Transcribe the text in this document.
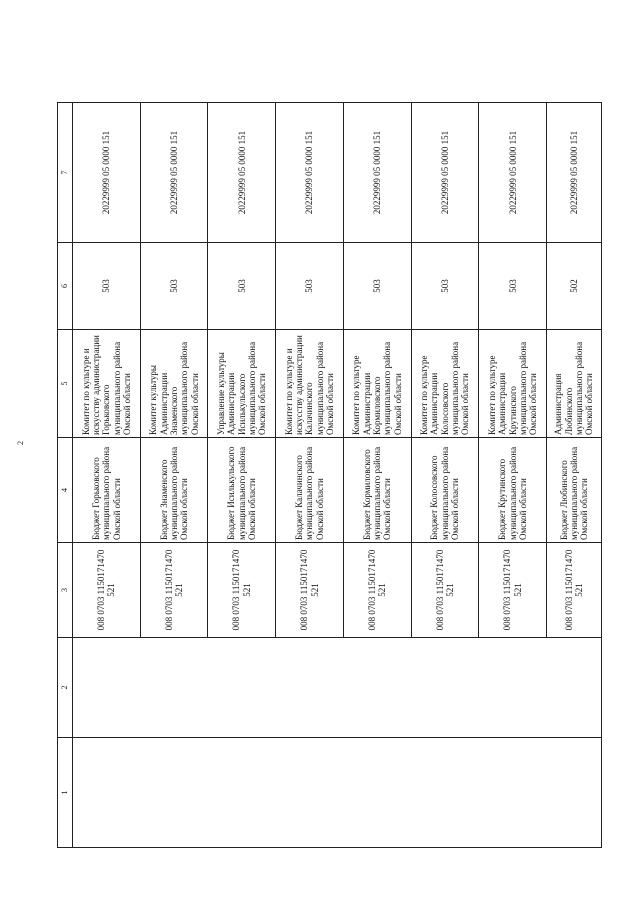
2
1	2	3	4	5	6	7
		008 0703 1150171470 521	Бюджет Горьковского муниципального района Омской области	Комитет по культуре и искусству администрации Горьковского муниципального района Омской области	503	20229999 05 0000 151
		008 0703 1150171470 521	Бюджет Знаменского муниципального района Омской области	Комитет культуры Администрации Знаменского муниципального района Омской области	503	20229999 05 0000 151
		008 0703 1150171470 521	Бюджет Исилькульского муниципального района Омской области	Управление культуры Администрации Исилькульского муниципального района Омской области	503	20229999 05 0000 151
		008 0703 1150171470 521	Бюджет Калачинского муниципального района Омской области	Комитет по культуре и искусству администрации Калачинского муниципального района Омской области	503	20229999 05 0000 151
		008 0703 1150171470 521	Бюджет Кормиловского муниципального района Омской области	Комитет по культуре Администрации Кормиловского муниципального района Омской области	503	20229999 05 0000 151
		008 0703 1150171470 521	Бюджет Колосовского муниципального района Омской области	Комитет по культуре Администрации Колосовского муниципального района Омской области	503	20229999 05 0000 151
		008 0703 1150171470 521	Бюджет Крутинского муниципального района Омской области	Комитет по культуре Администрации Крутинского муниципального района Омской области	503	20229999 05 0000 151
		008 0703 1150171470 521	Бюджет Любинского муниципального района Омской области	Администрация Любинского муниципального района Омской области	502	20229999 05 0000 151
